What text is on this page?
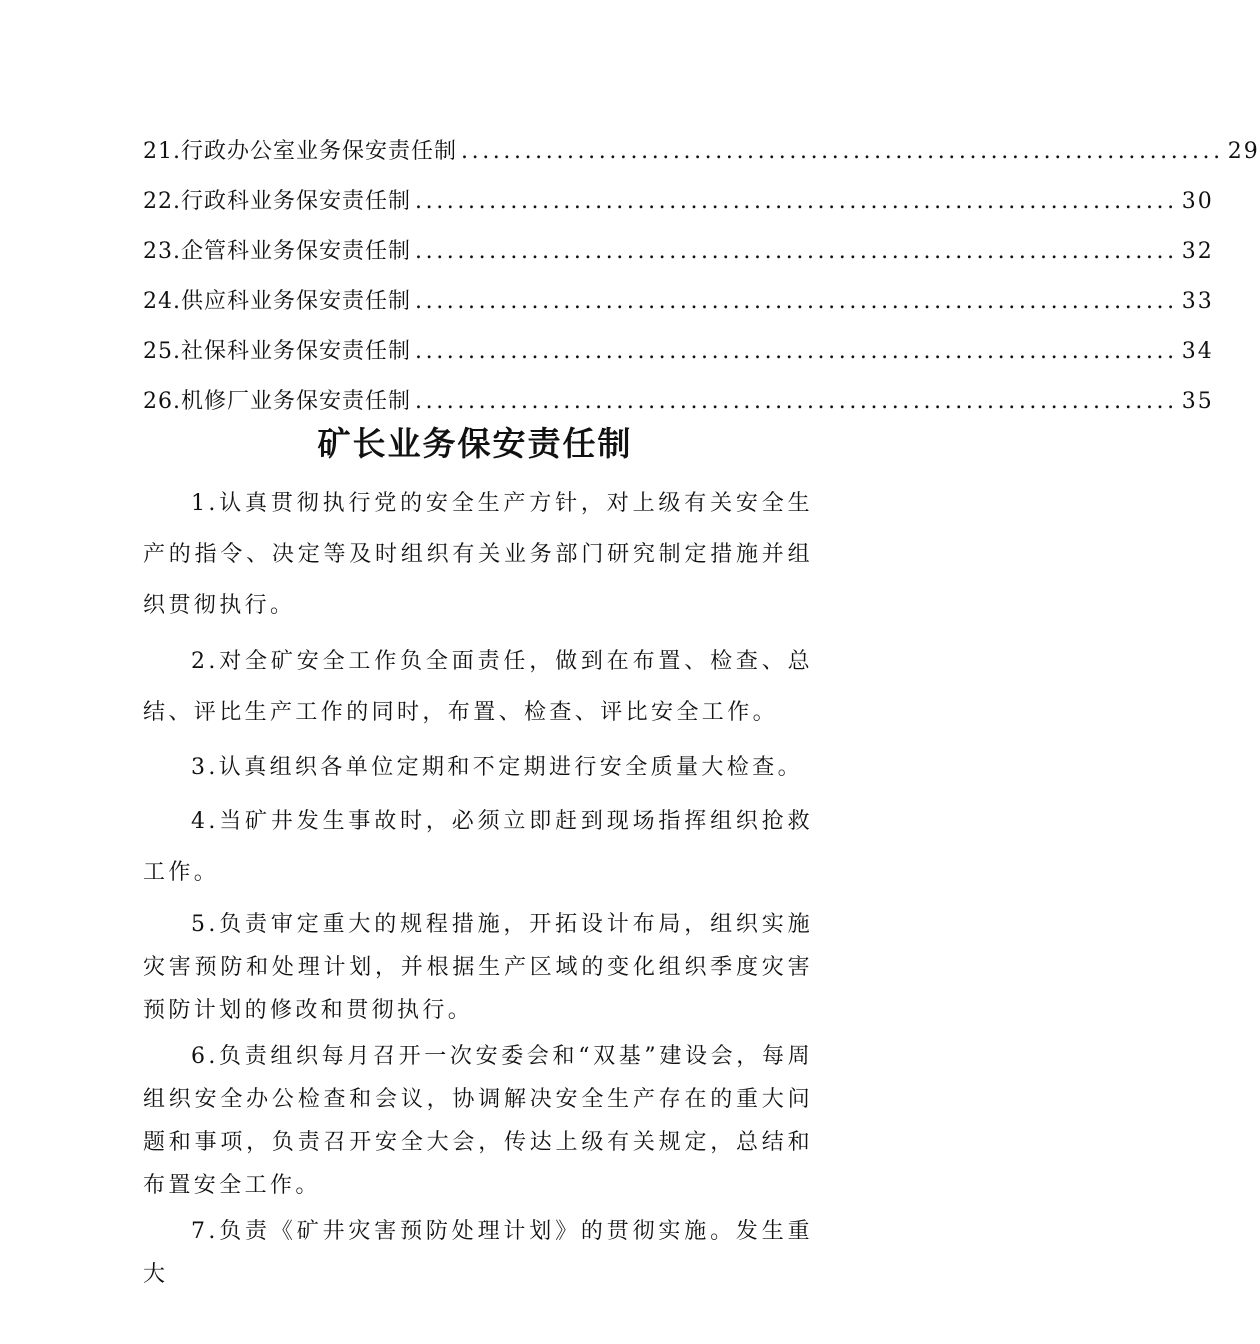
21. 行政办公室业务保安责任制 ........................................................................ 29
22. 行政科业务保安责任制 ........................................................................ 30
23. 企管科业务保安责任制 ........................................................................ 32
24. 供应科业务保安责任制 ........................................................................ 33
25. 社保科业务保安责任制 ........................................................................ 34
26. 机修厂业务保安责任制 ........................................................................ 35
矿长业务保安责任制

1.认真贯彻执行党的安全生产方针，对上级有关安全生产的指令、决定等及时组织有关业务部门研究制定措施并组织贯彻执行。

2.对全矿安全工作负全面责任，做到在布置、检查、总结、评比生产工作的同时，布置、检查、评比安全工作。

3.认真组织各单位定期和不定期进行安全质量大检查。

4.当矿井发生事故时，必须立即赶到现场指挥组织抢救工作。

5.负责审定重大的规程措施，开拓设计布局，组织实施灾害预防和处理计划，并根据生产区域的变化组织季度灾害预防计划的修改和贯彻执行。

6.负责组织每月召开一次安委会和“双基”建设会，每周组织安全办公检查和会议，协调解决安全生产存在的重大问题和事项，负责召开安全大会，传达上级有关规定，总结和布置安全工作。

7.负责《矿井灾害预防处理计划》的贯彻实施。发生重大
